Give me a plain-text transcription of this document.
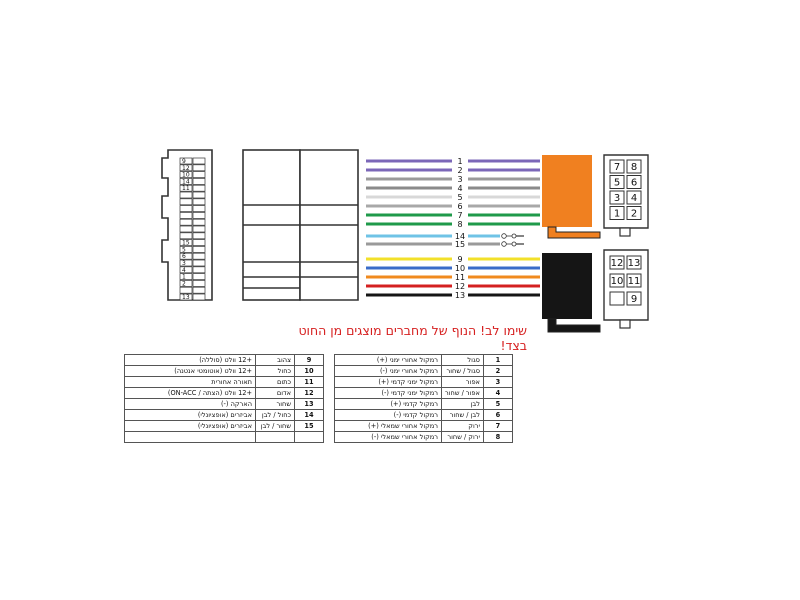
9
12
10
14
11
15
5
6
3
4
1
2
13
1
2
3
4
5
6
7
8
14
15
9
10
11
12
13
7 8
5 6
3 4
1 2
12 13
10 11
9
שימו לב! הנוף של מחברים מוצגים מן החוט בצד!
+12 וולט (סוללה)	צהוב	9		רמקול אחורי ימני (+)	סגול	1
+12 וולט (אוטומטי אנטנה)	כחול	10		רמקול אחורי ימני (-)	סגול / שחור	2
תאורה אחורית	כתום	11		רמקול ימני קדמי (+)	אפור	3
+12 וולט (הצתה / ON-ACC)	אדום	12		רמקול ימני קדמי (-)	אפור / שחור	4
הארקה (-)	שחור	13		רמקול קדמי (+)	לבן	5
אביזרים (אופציונלי)	כחול / לבן	14		רמקול קדמי (-)	לבן / שחור	6
אביזרים (אופציונלי)	שחור / לבן	15		רמקול אחורי שמאלי (+)	ירוק	7
				רמקול אחורי שמאלי (-)	ירוק / שחור	8
